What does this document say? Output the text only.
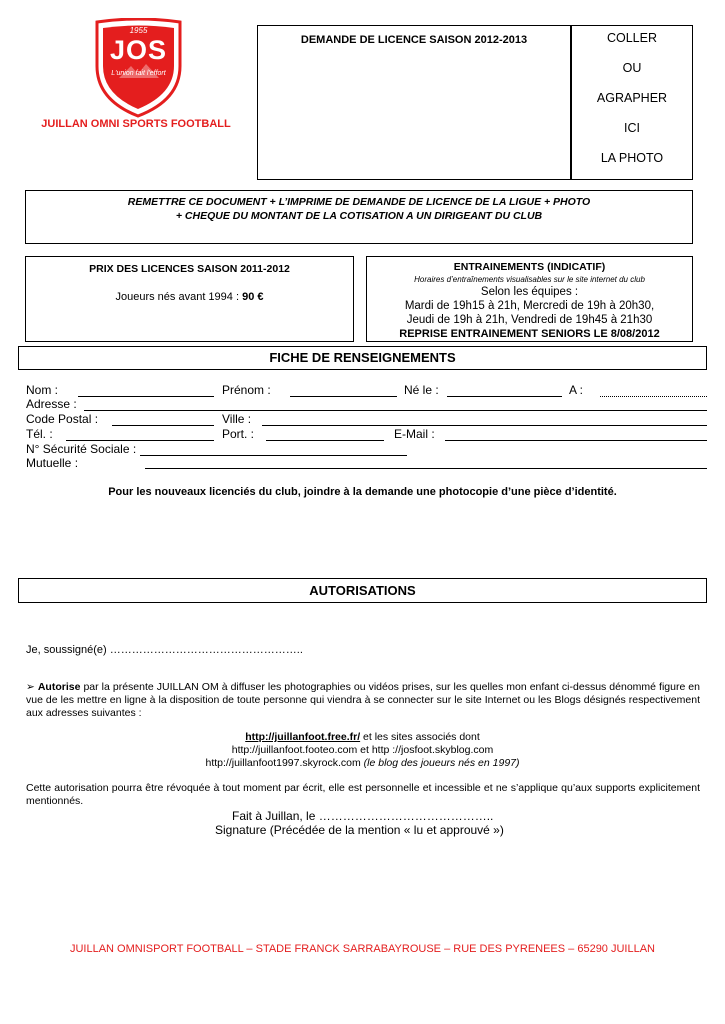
1955
JOS
L'union fait l'effort
JUILLAN OMNI SPORTS FOOTBALL
DEMANDE DE LICENCE SAISON 2012-2013	COLLER
OU
AGRAPHER
ICI
LA PHOTO
REMETTRE CE DOCUMENT + L’IMPRIME DE DEMANDE DE LICENCE DE LA LIGUE + PHOTO
+ CHEQUE DU MONTANT DE LA COTISATION A UN DIRIGEANT DU CLUB
PRIX DES LICENCES SAISON 2011-2012
Joueurs nés avant 1994 : 90 €
ENTRAINEMENTS (INDICATIF)
Horaires d’entraînements visualisables sur le site internet du club
Selon les équipes :
Mardi de 19h15 à 21h, Mercredi de 19h à 20h30,
Jeudi de 19h à 21h, Vendredi de 19h45 à 21h30
REPRISE ENTRAINEMENT SENIORS LE 8/08/2012
FICHE DE RENSEIGNEMENTS
Nom :	Prénom :	Né le :	A :
Adresse :
Code Postal :	Ville :
Tél. :	Port. :	E-Mail :
N° Sécurité Sociale :
Mutuelle :
Pour les nouveaux licenciés du club, joindre à la demande une photocopie d’une pièce d’identité.
AUTORISATIONS
Je, soussigné(e) ……………………………………………..
➢ Autorise par la présente JUILLAN OM à diffuser les photographies ou vidéos prises, sur les quelles mon enfant ci-dessus dénommé figure en vue de les mettre en ligne à la disposition de toute personne qui viendra à se connecter sur le site Internet ou les Blogs désignés respectivement aux adresses suivantes :
http://juillanfoot.free.fr/ et les sites associés dont
http://juillanfoot.footeo.com et http ://josfoot.skyblog.com
http://juillanfoot1997.skyrock.com (le blog des joueurs nés en 1997)
Cette autorisation pourra être révoquée à tout moment par écrit, elle est personnelle et incessible et ne s’applique qu’aux supports explicitement mentionnés.
Fait à Juillan, le ……………………………………..
Signature (Précédée de la mention « lu et approuvé »)
JUILLAN OMNISPORT FOOTBALL – STADE FRANCK SARRABAYROUSE – RUE DES PYRENEES – 65290 JUILLAN
